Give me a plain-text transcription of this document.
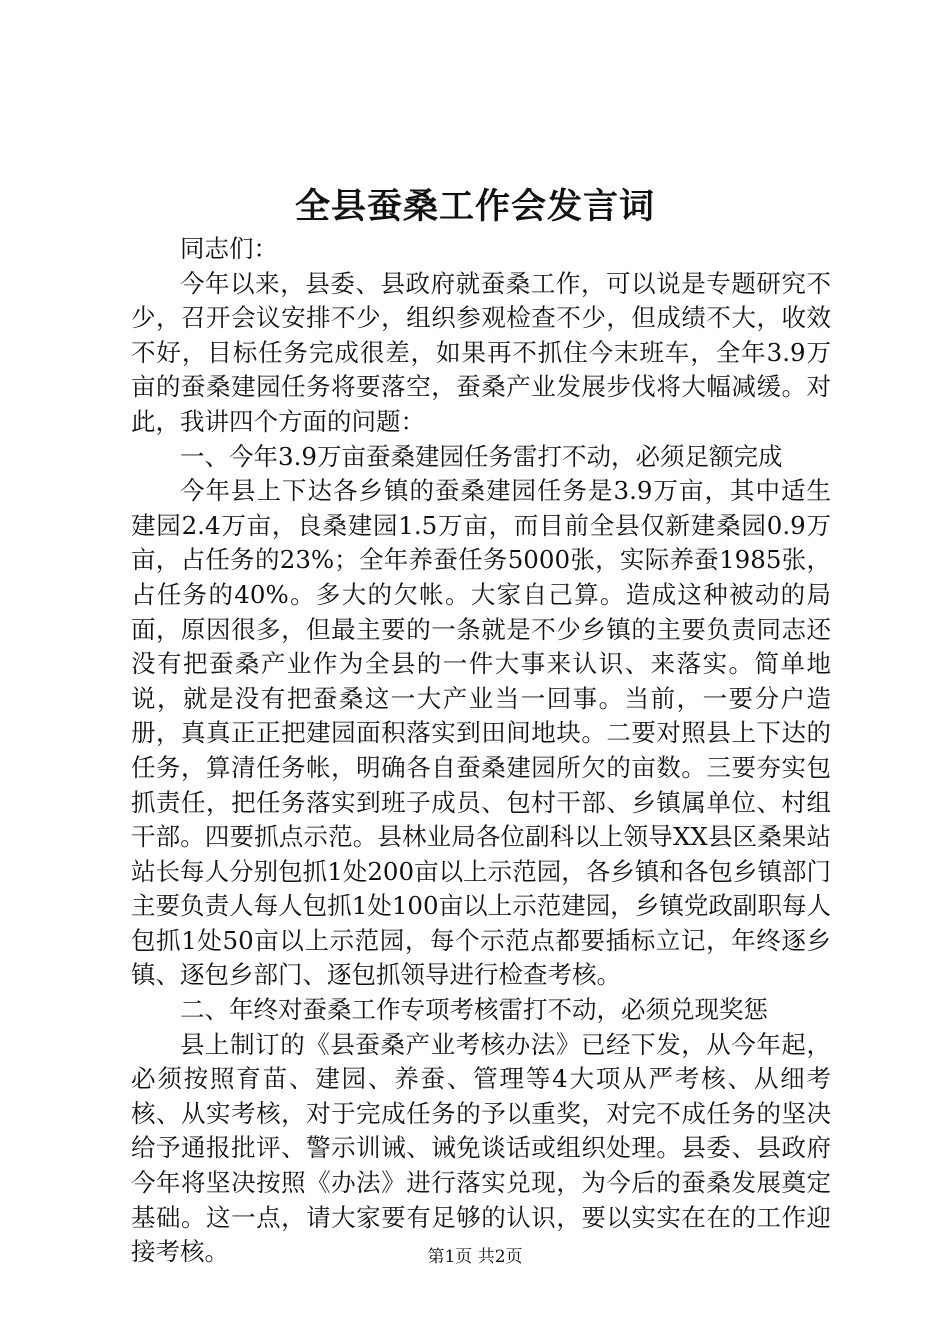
全县蚕桑工作会发言词

同志们：

今年以来，县委、县政府就蚕桑工作，可以说是专题研究不少，召开会议安排不少，组织参观检查不少，但成绩不大，收效不好，目标任务完成很差，如果再不抓住今末班车，全年3.9万亩的蚕桑建园任务将要落空，蚕桑产业发展步伐将大幅减缓。对此，我讲四个方面的问题：

一、今年3.9万亩蚕桑建园任务雷打不动，必须足额完成

今年县上下达各乡镇的蚕桑建园任务是3.9万亩，其中适生建园2.4万亩，良桑建园1.5万亩，而目前全县仅新建桑园0.9万亩，占任务的23%；全年养蚕任务5000张，实际养蚕1985张，占任务的40%。多大的欠帐。大家自己算。造成这种被动的局面，原因很多，但最主要的一条就是不少乡镇的主要负责同志还没有把蚕桑产业作为全县的一件大事来认识、来落实。简单地说，就是没有把蚕桑这一大产业当一回事。当前，一要分户造册，真真正正把建园面积落实到田间地块。二要对照县上下达的任务，算清任务帐，明确各自蚕桑建园所欠的亩数。三要夯实包抓责任，把任务落实到班子成员、包村干部、乡镇属单位、村组干部。四要抓点示范。县林业局各位副科以上领导XX县区桑果站站长每人分别包抓1处200亩以上示范园，各乡镇和各包乡镇部门主要负责人每人包抓1处100亩以上示范建园，乡镇党政副职每人包抓1处50亩以上示范园，每个示范点都要插标立记，年终逐乡镇、逐包乡部门、逐包抓领导进行检查考核。

二、年终对蚕桑工作专项考核雷打不动，必须兑现奖惩

县上制订的《县蚕桑产业考核办法》已经下发，从今年起，必须按照育苗、建园、养蚕、管理等4大项从严考核、从细考核、从实考核，对于完成任务的予以重奖，对完不成任务的坚决给予通报批评、警示训诫、诫免谈话或组织处理。县委、县政府今年将坚决按照《办法》进行落实兑现，为今后的蚕桑发展奠定基础。这一点，请大家要有足够的认识，要以实实在在的工作迎接考核。	第1页 共2页
